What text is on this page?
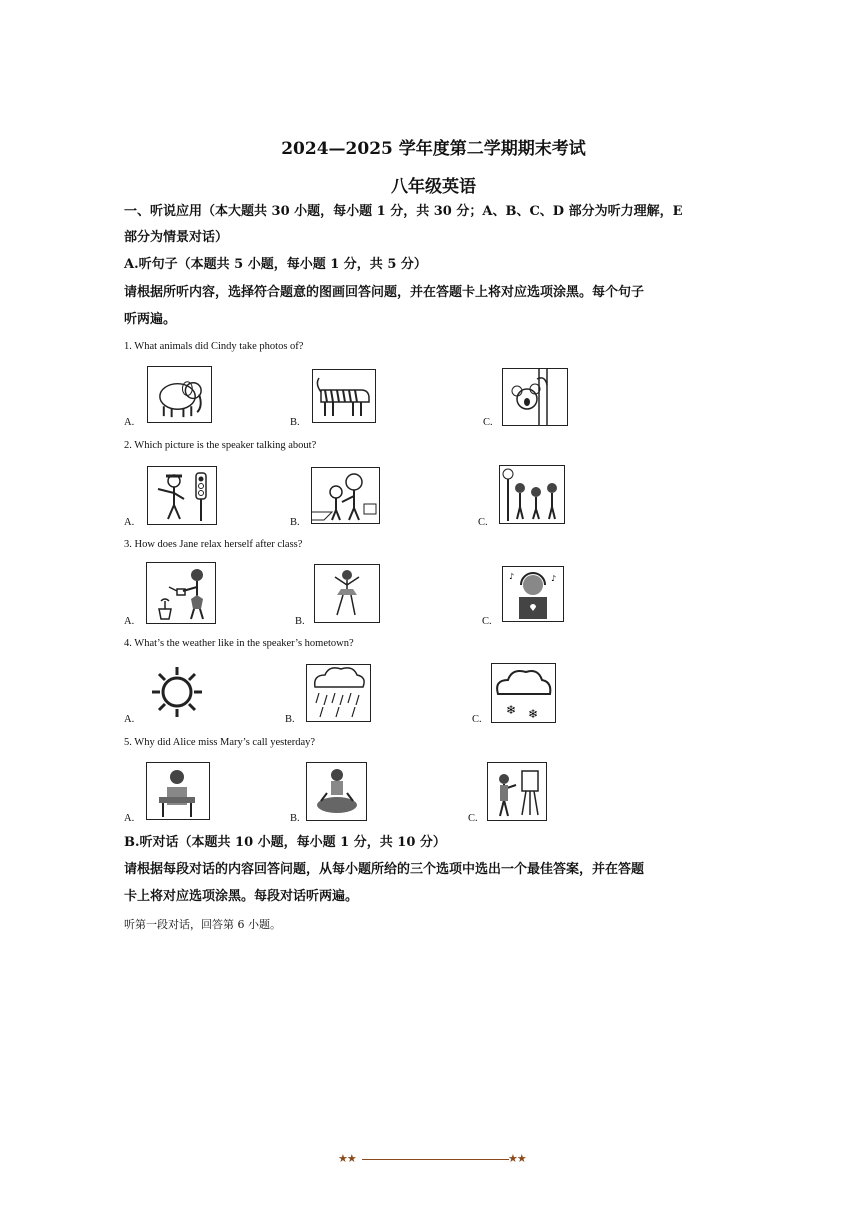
2024—2025 学年度第二学期期末考试
八年级英语
一、听说应用（本大题共 30 小题，每小题 1 分，共 30 分；A、B、C、D 部分为听力理解，E
部分为情景对话）
A.听句子（本题共 5 小题，每小题 1 分，共 5 分）
请根据所听内容，选择符合题意的图画回答问题，并在答题卡上将对应选项涂黑。每个句子
听两遍。
1. What animals did Cindy take photos of?
A.	B.	C.
2. Which picture is the speaker talking about?
A.	B.	C.
3. How does Jane relax herself after class?
A.	B.	C.
♪	♪
4. What’s the weather like in the speaker’s hometown?
A.	B.	C.
❄ ❄
5. Why did Alice miss Mary’s call yesterday?
A.	B.	C.
B.听对话（本题共 10 小题，每小题 1 分，共 10 分）
请根据每段对话的内容回答问题，从每小题所给的三个选项中选出一个最佳答案，并在答题
卡上将对应选项涂黑。每段对话听两遍。
听第一段对话，回答第 6 小题。
★★	★★
